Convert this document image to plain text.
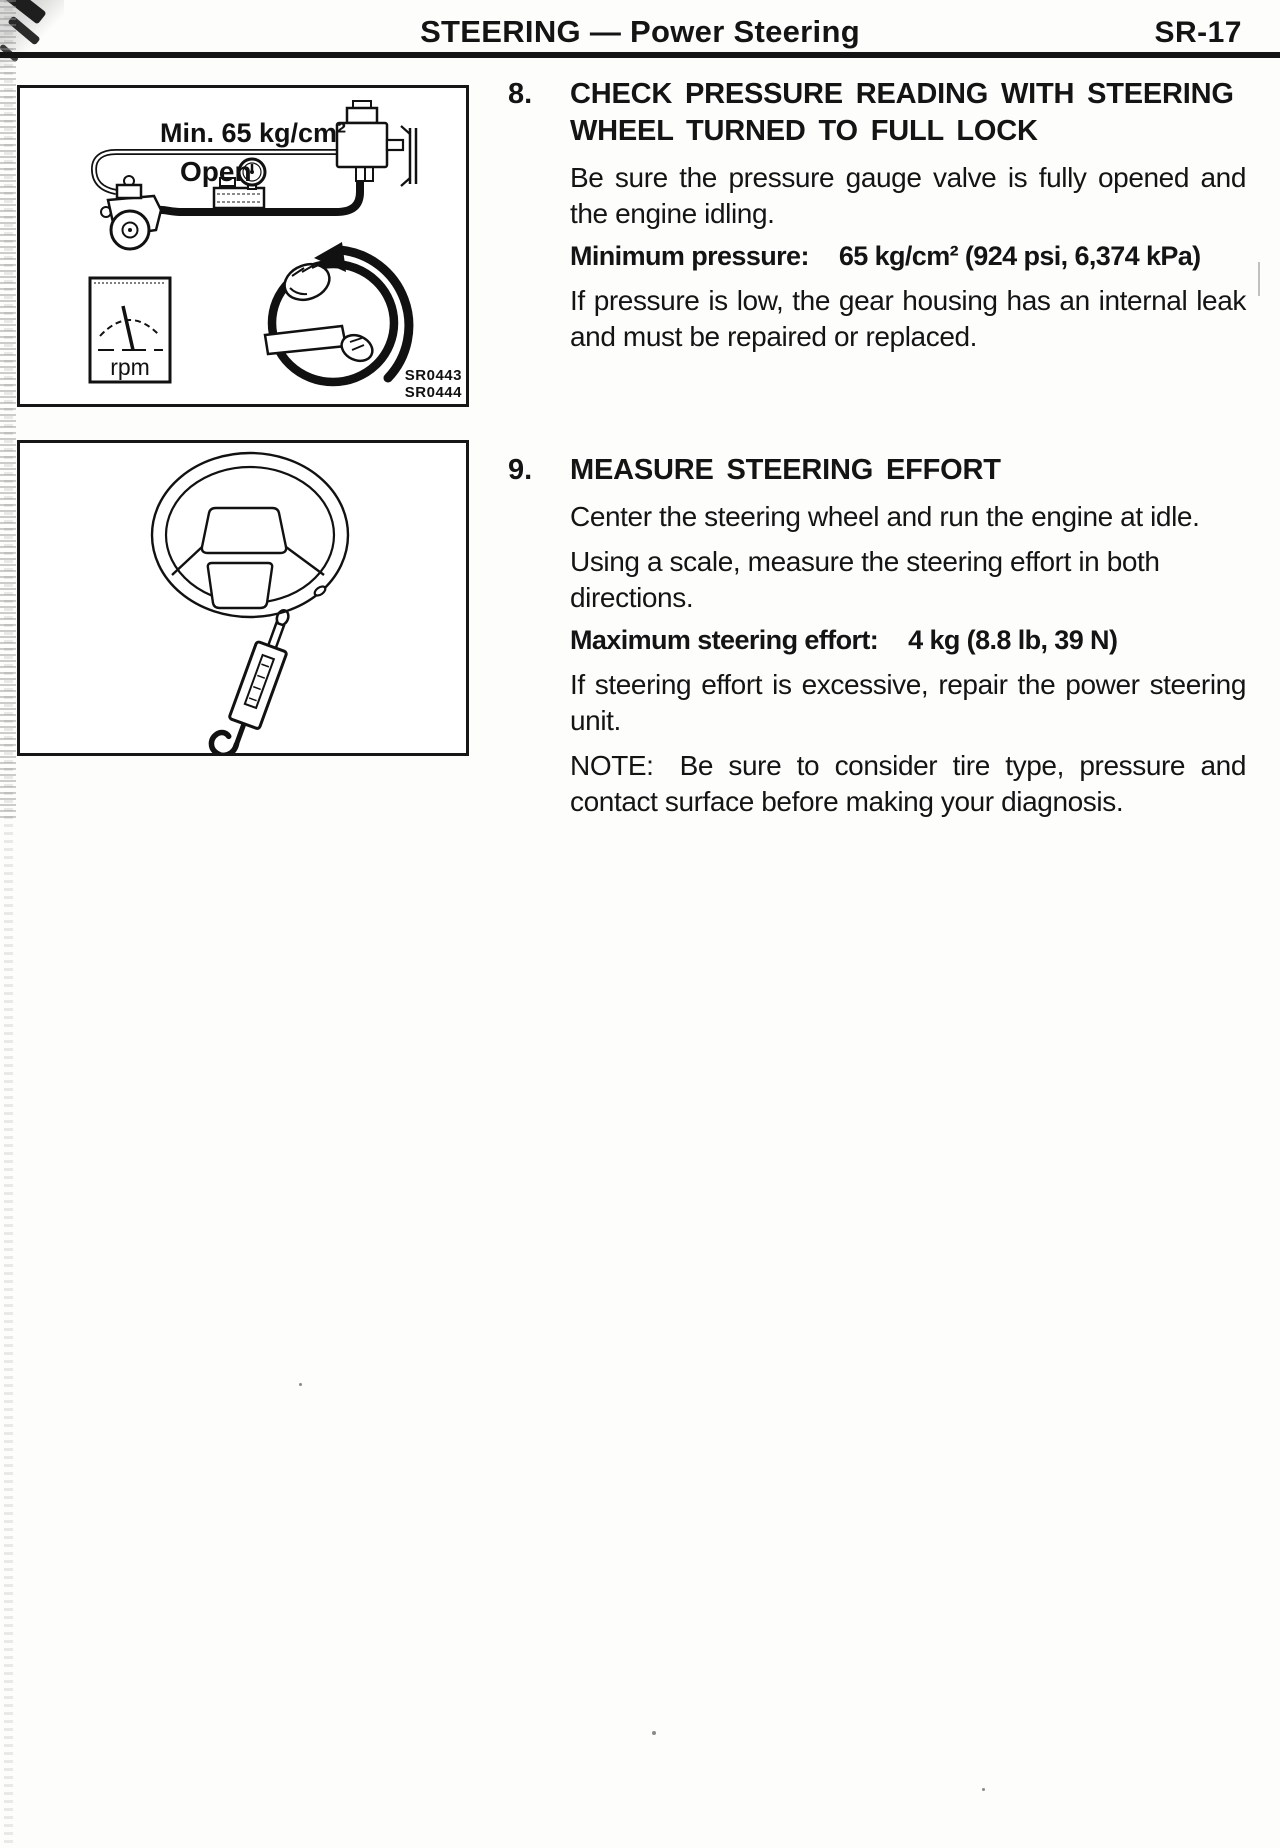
STEERING — Power Steering	SR-17
rpm
Min. 65 kg/cm²
Open
SR0443
SR0444
8. CHECK PRESSURE READING WITH STEERING
WHEEL TURNED TO FULL LOCK

Be sure the pressure gauge valve is fully opened and the engine idling.

Minimum pressure: 65 kg/cm² (924 psi, 6,374 kPa)

If pressure is low, the gear housing has an internal leak and must be repaired or replaced.

9. MEASURE STEERING EFFORT

Center the steering wheel and run the engine at idle.

Using a scale, measure the steering effort in both directions.

Maximum steering effort: 4 kg (8.8 lb, 39 N)

If steering effort is excessive, repair the power steering unit.

NOTE: Be sure to consider tire type, pressure and contact surface before making your diagnosis.
